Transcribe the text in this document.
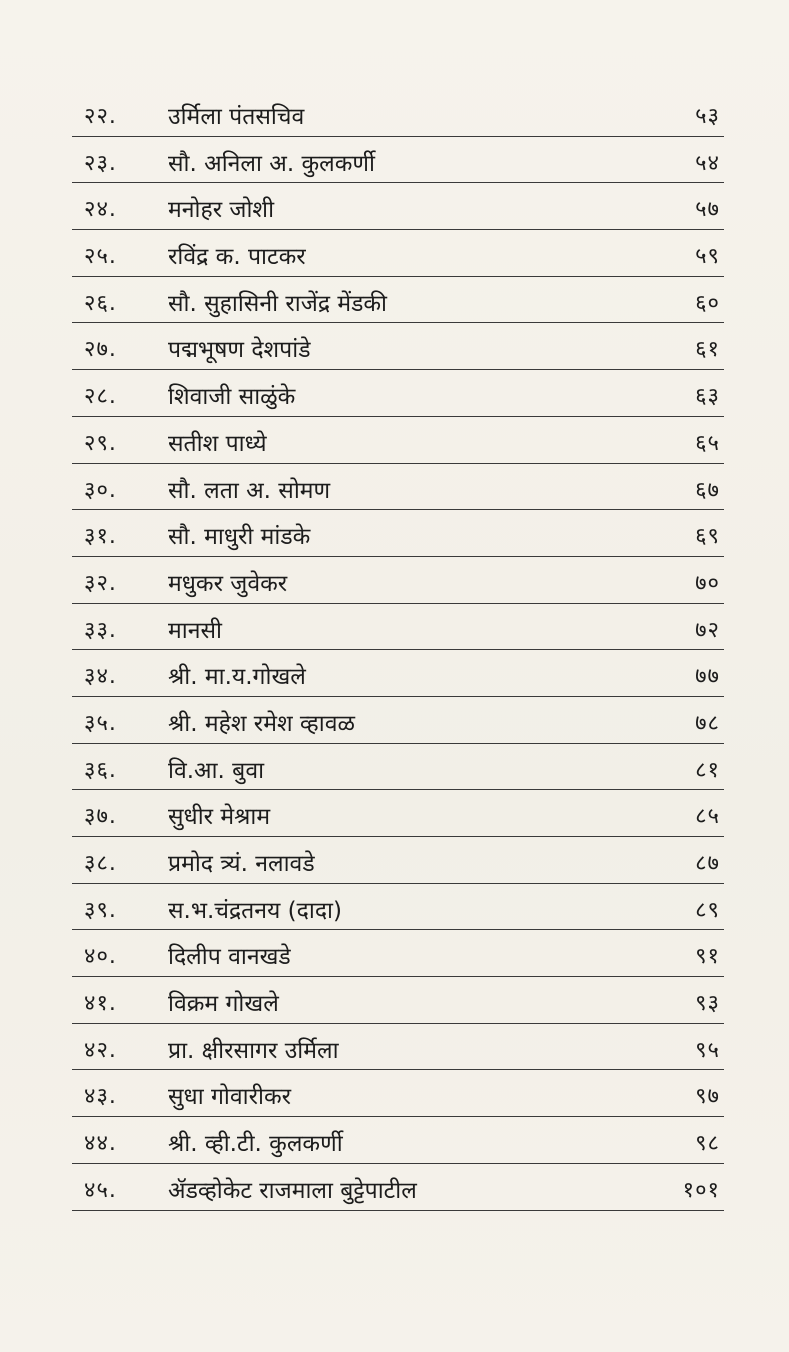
२२. उर्मिला पंतसचिव	५३
२३. सौ. अनिला अ. कुलकर्णी	५४
२४. मनोहर जोशी	५७
२५. रविंद्र क. पाटकर	५९
२६. सौ. सुहासिनी राजेंद्र मेंडकी	६०
२७. पद्मभूषण देशपांडे	६१
२८. शिवाजी साळुंके	६३
२९. सतीश पाध्ये	६५
३०. सौ. लता अ. सोमण	६७
३१. सौ. माधुरी मांडके	६९
३२. मधुकर जुवेकर	७०
३३. मानसी	७२
३४. श्री. मा.य.गोखले	७७
३५. श्री. महेश रमेश व्हावळ	७८
३६. वि.आ. बुवा	८१
३७. सुधीर मेश्राम	८५
३८. प्रमोद त्र्यं. नलावडे	८७
३९. स.भ.चंद्रतनय (दादा)	८९
४०. दिलीप वानखडे	९१
४१. विक्रम गोखले	९३
४२. प्रा. क्षीरसागर उर्मिला	९५
४३. सुधा गोवारीकर	९७
४४. श्री. व्ही.टी. कुलकर्णी	९८
४५. ॲडव्होकेट राजमाला बुट्टेपाटील	१०१
